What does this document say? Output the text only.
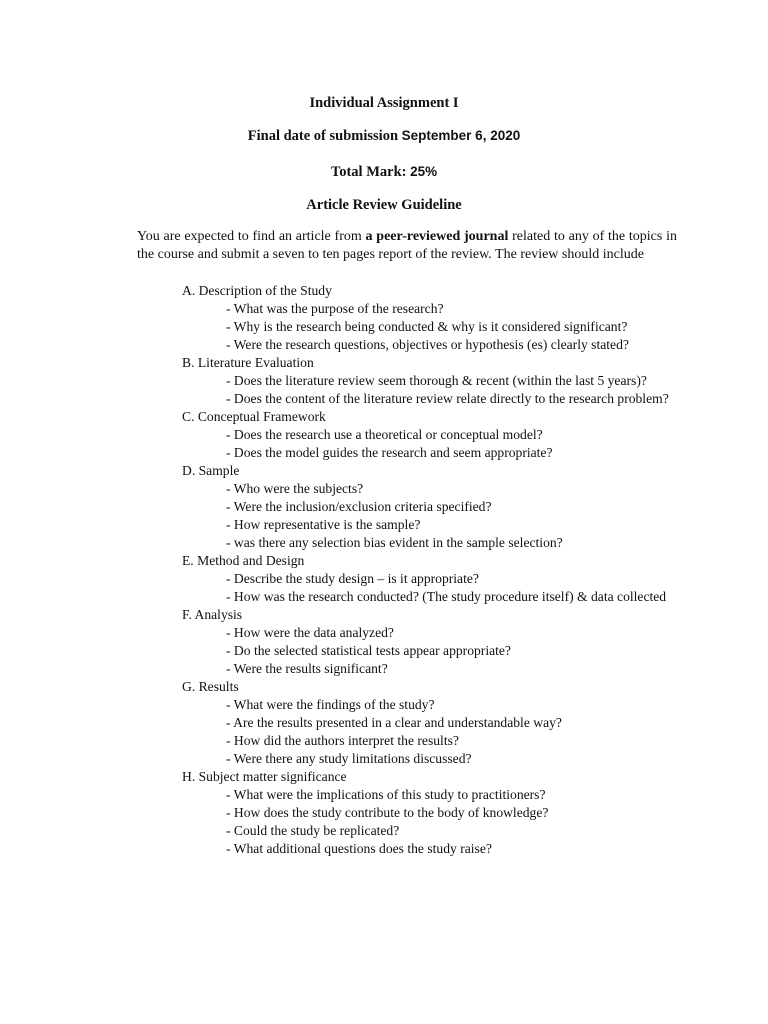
Individual Assignment I
Final date of submission September 6, 2020
Total Mark: 25%
Article Review Guideline
You are expected to find an article from a peer-reviewed journal related to any of the topics in the course and submit a seven to ten pages report of the review. The review should include
A. Description of the Study
- What was the purpose of the research?
- Why is the research being conducted & why is it considered significant?
- Were the research questions, objectives or hypothesis (es) clearly stated?
B. Literature Evaluation
- Does the literature review seem thorough & recent (within the last 5 years)?
- Does the content of the literature review relate directly to the research problem?
C. Conceptual Framework
- Does the research use a theoretical or conceptual model?
- Does the model guides the research and seem appropriate?
D. Sample
- Who were the subjects?
- Were the inclusion/exclusion criteria specified?
- How representative is the sample?
- was there any selection bias evident in the sample selection?
E. Method and Design
- Describe the study design – is it appropriate?
- How was the research conducted? (The study procedure itself) & data collected
F. Analysis
- How were the data analyzed?
- Do the selected statistical tests appear appropriate?
- Were the results significant?
G. Results
- What were the findings of the study?
- Are the results presented in a clear and understandable way?
- How did the authors interpret the results?
- Were there any study limitations discussed?
H. Subject matter significance
- What were the implications of this study to practitioners?
- How does the study contribute to the body of knowledge?
- Could the study be replicated?
- What additional questions does the study raise?
